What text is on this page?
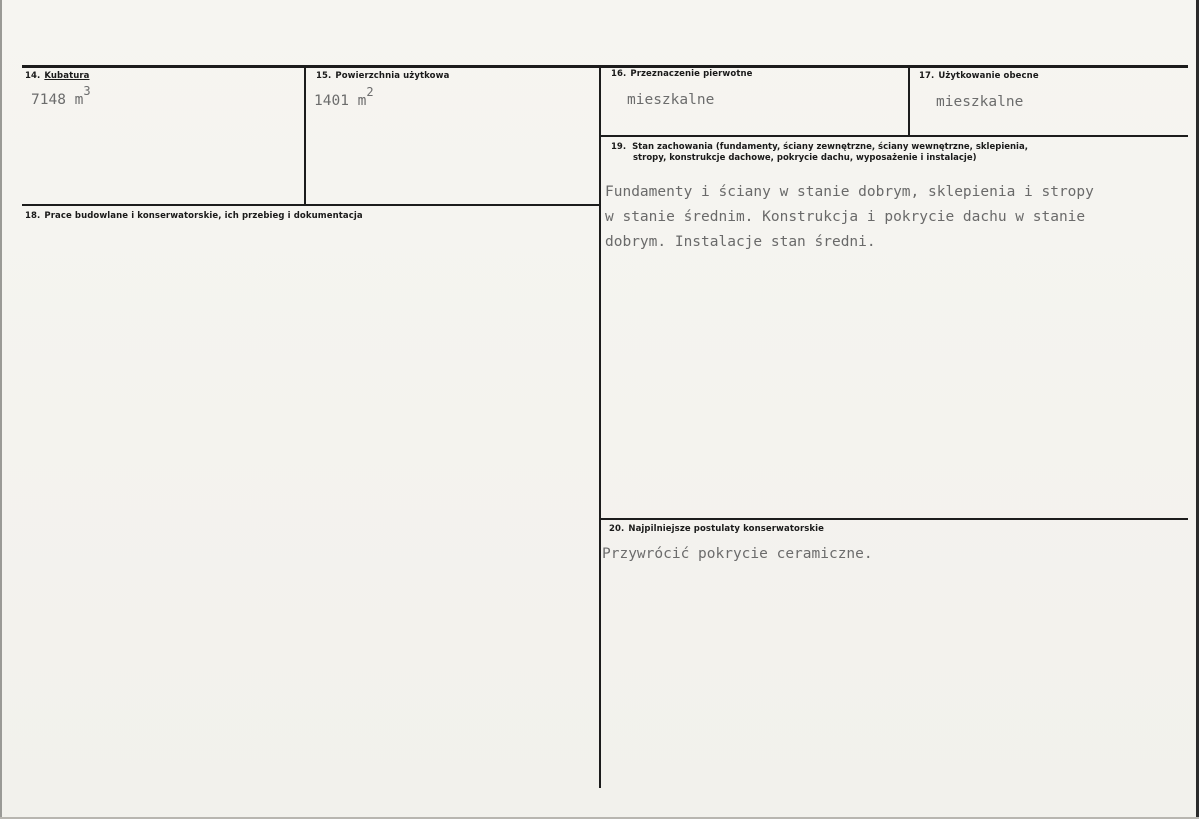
14. Kubatura
7148 $m^3$
15. Powierzchnia użytkowa
1401 $m^2$
16. Przeznaczenie pierwotne
mieszkalne
17. Użytkowanie obecne
mieszkalne
18. Prace budowlane i konserwatorskie, ich przebieg i dokumentacja
19. Stan zachowania (fundamenty, ściany zewnętrzne, ściany wewnętrzne, sklepienia,
stropy, konstrukcje dachowe, pokrycie dachu, wyposażenie i instalacje)
Fundamenty i ściany w stanie dobrym, sklepienia i stropy
w stanie średnim. Konstrukcja i pokrycie dachu w stanie
dobrym. Instalacje stan średni.
20. Najpilniejsze postulaty konserwatorskie
Przywrócić pokrycie ceramiczne.
